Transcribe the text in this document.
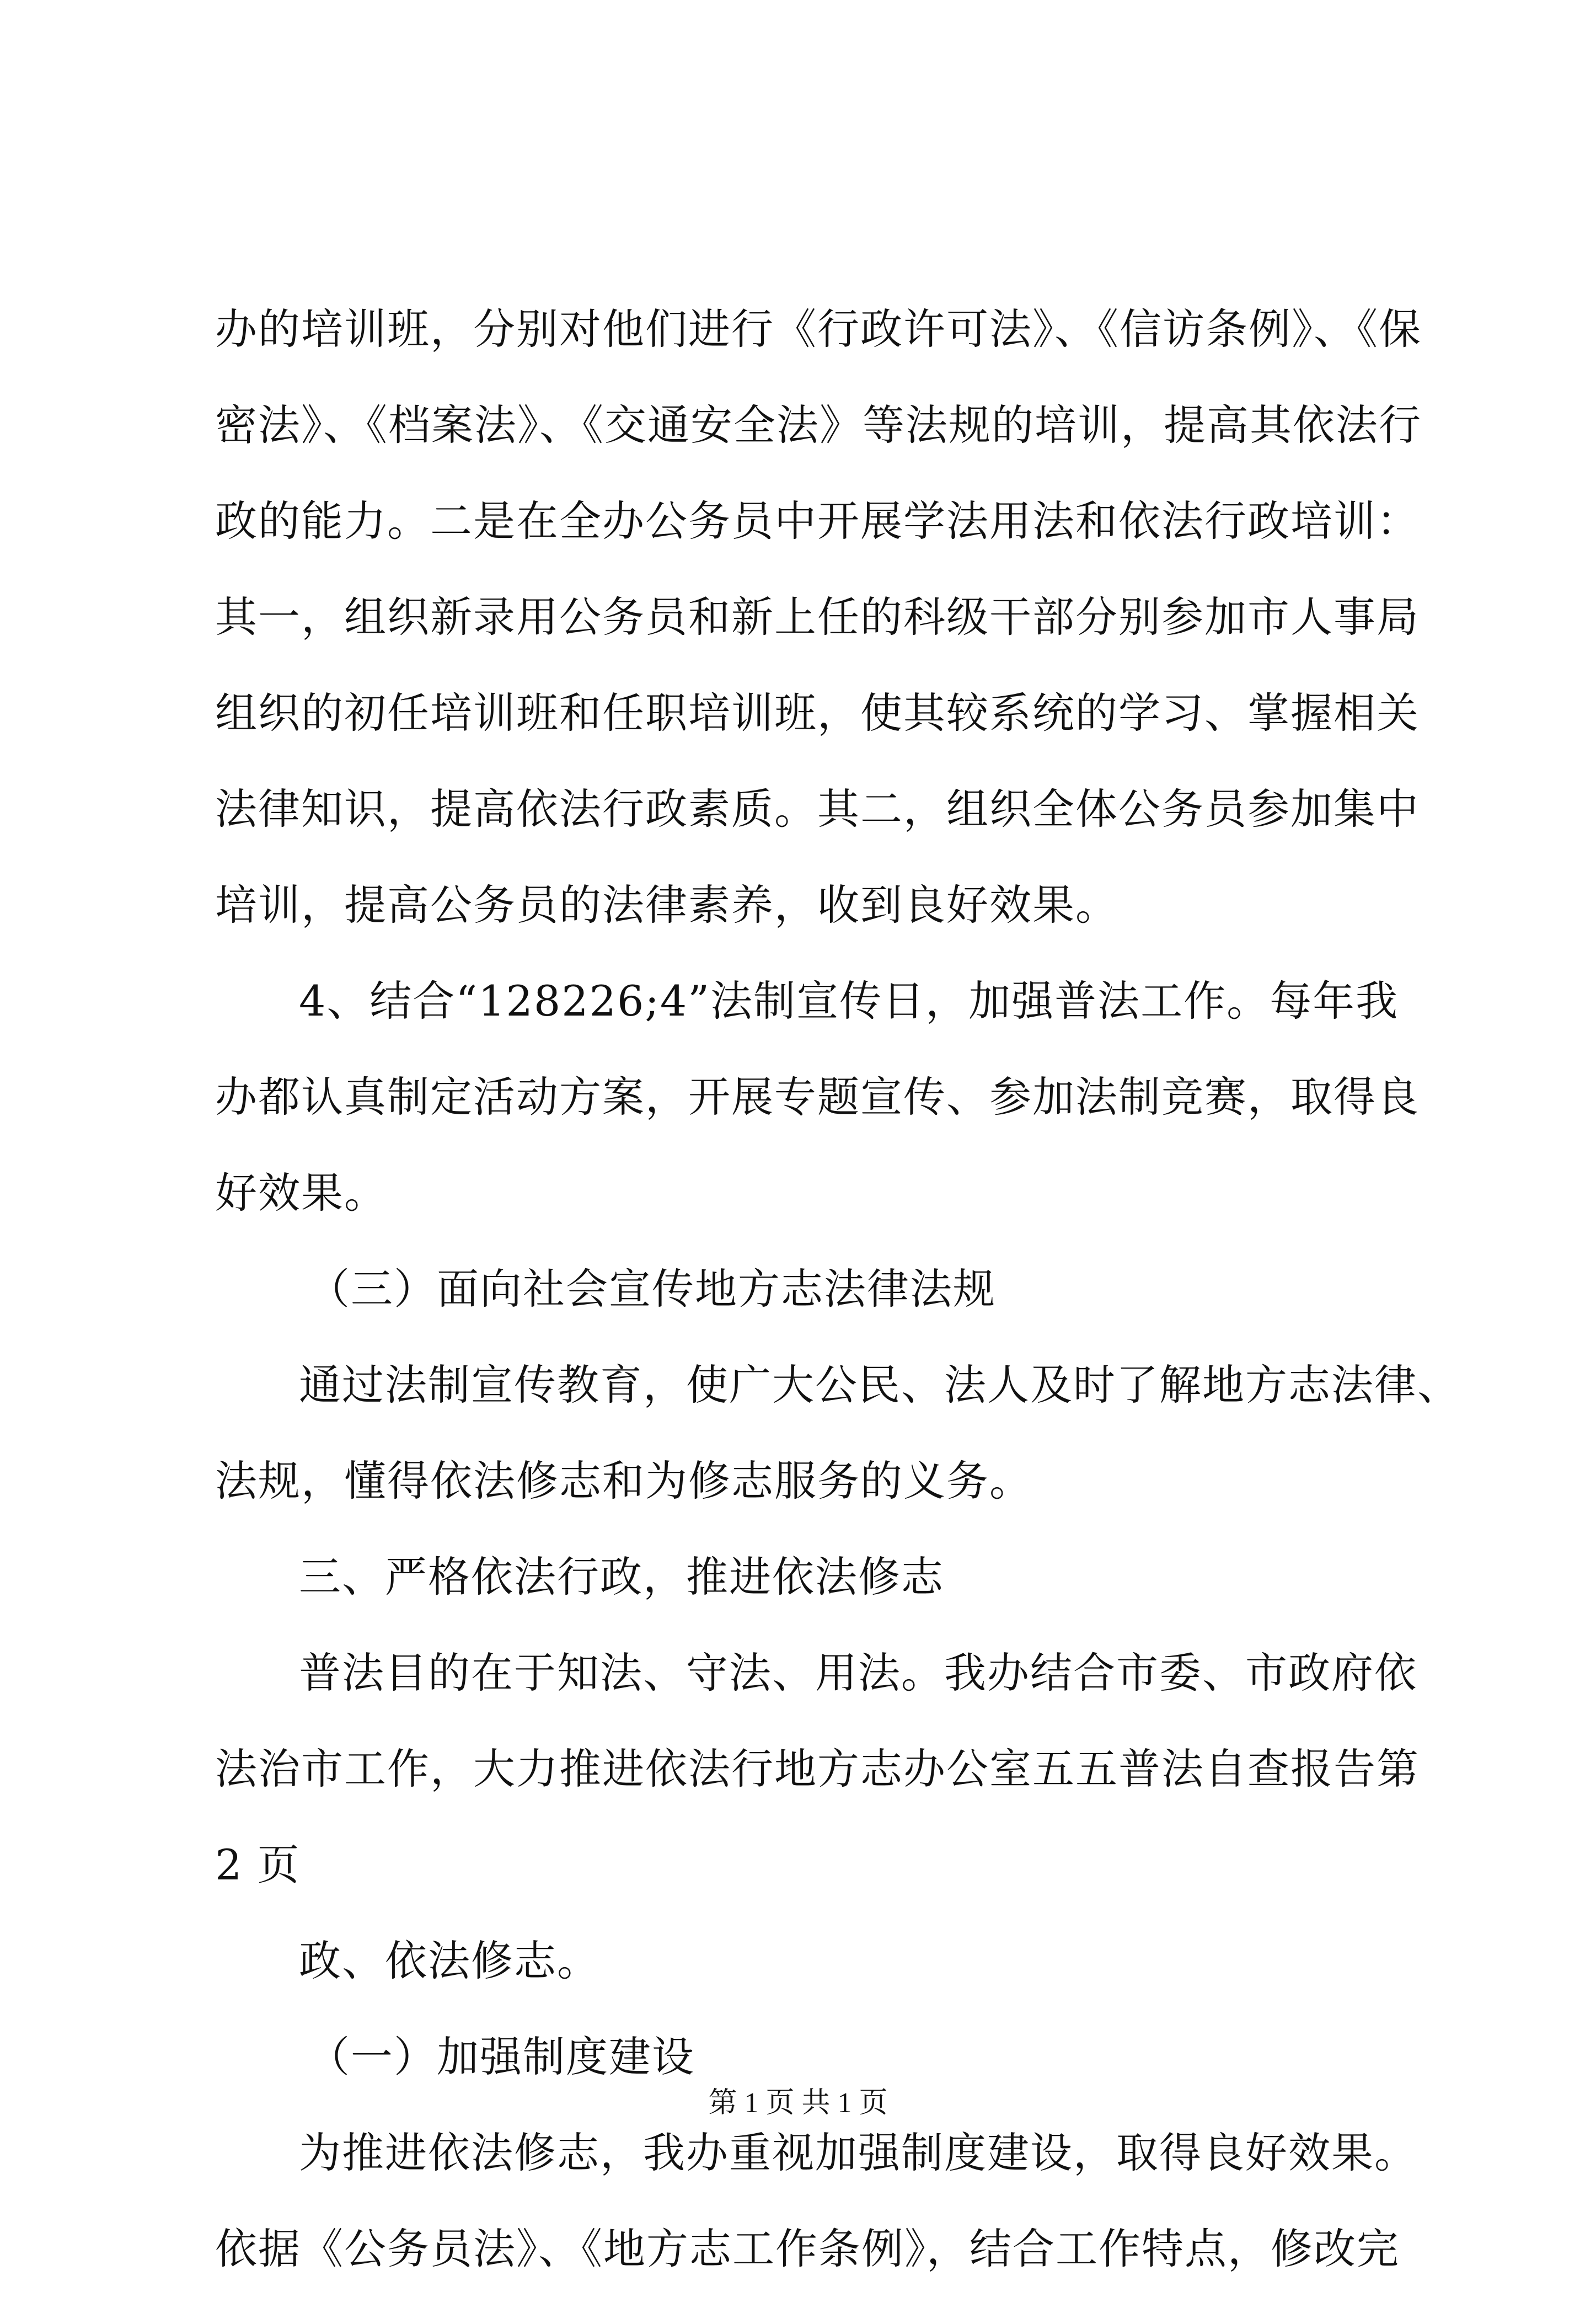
办的培训班，分别对他们进行《行政许可法》、《信访条例》、《保
密法》、《档案法》、《交通安全法》等法规的培训，提高其依法行
政的能力。二是在全办公务员中开展学法用法和依法行政培训：
其一，组织新录用公务员和新上任的科级干部分别参加市人事局
组织的初任培训班和任职培训班，使其较系统的学习、掌握相关
法律知识，提高依法行政素质。其二，组织全体公务员参加集中
培训，提高公务员的法律素养，收到良好效果。
4、结合“128226;4”法制宣传日，加强普法工作。每年我
办都认真制定活动方案，开展专题宣传、参加法制竞赛，取得良
好效果。
（三）面向社会宣传地方志法律法规
通过法制宣传教育，使广大公民、法人及时了解地方志法律、
法规，懂得依法修志和为修志服务的义务。
三、严格依法行政，推进依法修志
普法目的在于知法、守法、用法。我办结合市委、市政府依
法治市工作，大力推进依法行地方志办公室五五普法自查报告第
2 页
政、依法修志。
（一）加强制度建设
为推进依法修志，我办重视加强制度建设，取得良好效果。
依据《公务员法》、《地方志工作条例》，结合工作特点，修改完
第 1 页 共 1 页
